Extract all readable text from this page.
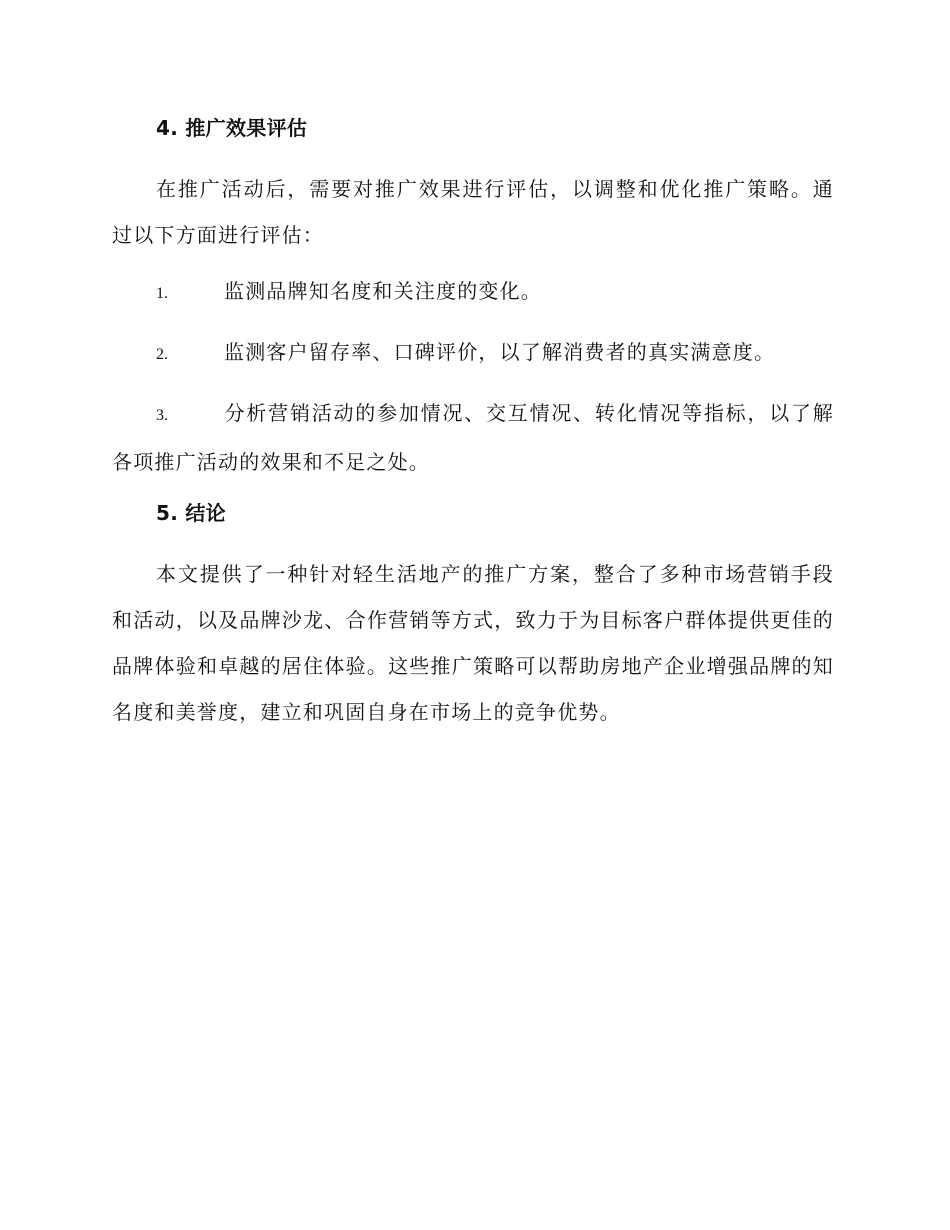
4. 推广效果评估

在推广活动后，需要对推广效果进行评估，以调整和优化推广策略。通过以下方面进行评估：

1.	监测品牌知名度和关注度的变化。
2.	监测客户留存率、口碑评价，以了解消费者的真实满意度。
3.	分析营销活动的参加情况、交互情况、转化情况等指标，以了解各项推广活动的效果和不足之处。
5. 结论

本文提供了一种针对轻生活地产的推广方案，整合了多种市场营销手段和活动，以及品牌沙龙、合作营销等方式，致力于为目标客户群体提供更佳的品牌体验和卓越的居住体验。这些推广策略可以帮助房地产企业增强品牌的知名度和美誉度，建立和巩固自身在市场上的竞争优势。
